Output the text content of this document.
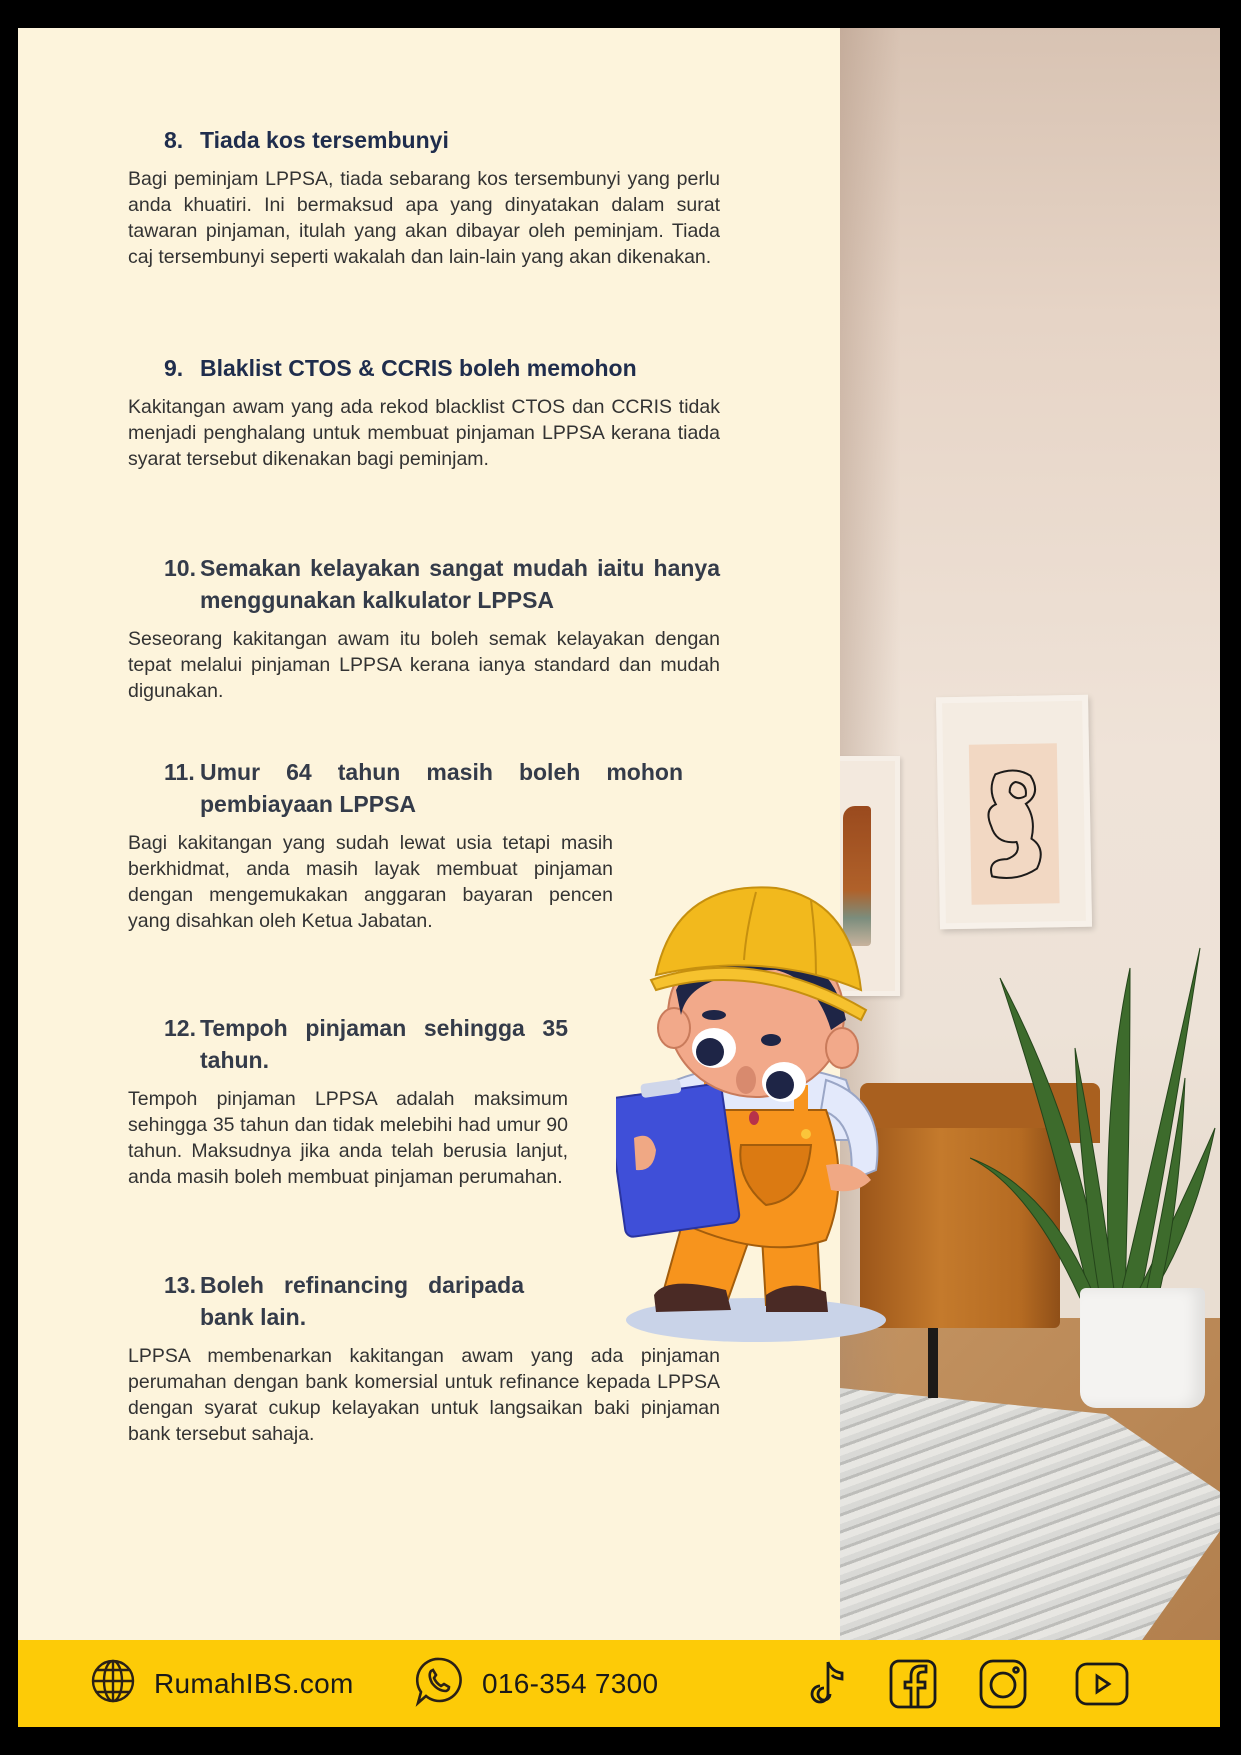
8. Tiada kos tersembunyi
Bagi peminjam LPPSA, tiada sebarang kos tersembunyi yang perlu anda khuatiri. Ini bermaksud apa yang dinyatakan dalam surat tawaran pinjaman, itulah yang akan dibayar oleh peminjam. Tiada caj tersembunyi seperti wakalah dan lain-lain yang akan dikenakan.
9. Blaklist CTOS & CCRIS boleh memohon
Kakitangan awam yang ada rekod blacklist CTOS dan CCRIS tidak menjadi penghalang untuk membuat pinjaman LPPSA kerana tiada syarat tersebut dikenakan bagi peminjam.
10. Semakan kelayakan sangat mudah iaitu hanya menggunakan kalkulator LPPSA
Seseorang kakitangan awam itu boleh semak kelayakan dengan tepat melalui pinjaman LPPSA kerana ianya standard dan mudah digunakan.
11. Umur 64 tahun masih boleh mohon pembiayaan LPPSA
Bagi kakitangan yang sudah lewat usia tetapi masih berkhidmat, anda masih layak membuat pinjaman dengan mengemukakan anggaran bayaran pencen yang disahkan oleh Ketua Jabatan.
12. Tempoh pinjaman sehingga 35 tahun.
Tempoh pinjaman LPPSA adalah maksimum sehingga 35 tahun dan tidak melebihi had umur 90 tahun. Maksudnya jika anda telah berusia lanjut, anda masih boleh membuat pinjaman perumahan.
13. Boleh refinancing daripada bank lain.
LPPSA membenarkan kakitangan awam yang ada pinjaman perumahan dengan bank komersial untuk refinance kepada LPPSA dengan syarat cukup kelayakan untuk langsaikan baki pinjaman bank tersebut sahaja.
RumahIBS.com	016-354 7300
